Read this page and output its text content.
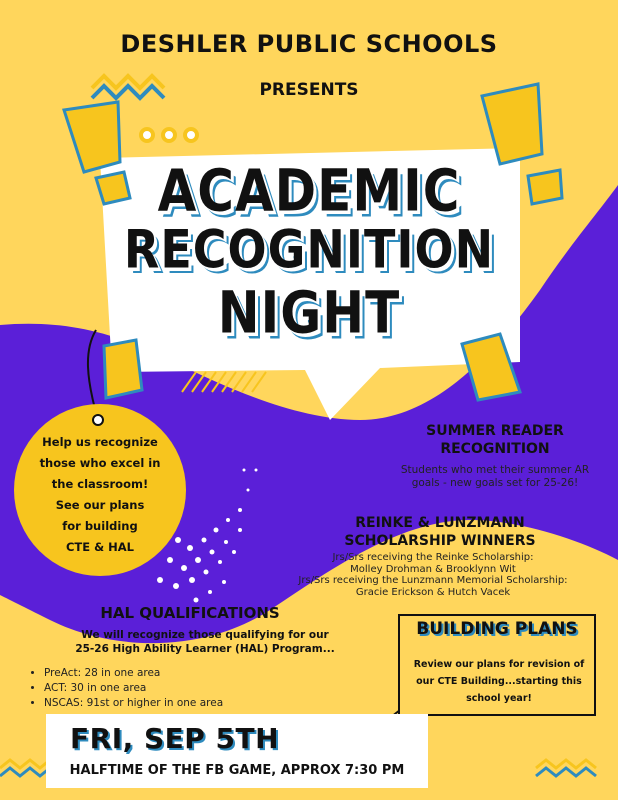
DESHLER PUBLIC SCHOOLS
PRESENTS
ACADEMIC
RECOGNITION
NIGHT
Help us recognize
those who excel in
the classroom!
See our plans
for building
CTE & HAL
SUMMER READER
RECOGNITION
Students who met their summer AR
goals - new goals set for 25-26!
REINKE & LUNZMANN
SCHOLARSHIP WINNERS
Jrs/Srs receiving the Reinke Scholarship:
Molley Drohman & Brooklynn Wit
Jrs/Srs receiving the Lunzmann Memorial Scholarship:
Gracie Erickson & Hutch Vacek
HAL QUALIFICATIONS
We will recognize those qualifying for our
25-26 High Ability Learner (HAL) Program...
• PreAct: 28 in one area
• ACT: 30 in one area
• NSCAS: 91st or higher in one area
BUILDING PLANS
Review our plans for revision of
our CTE Building...starting this
school year!
FRI, SEP 5TH
HALFTIME OF THE FB GAME, APPROX 7:30 PM
